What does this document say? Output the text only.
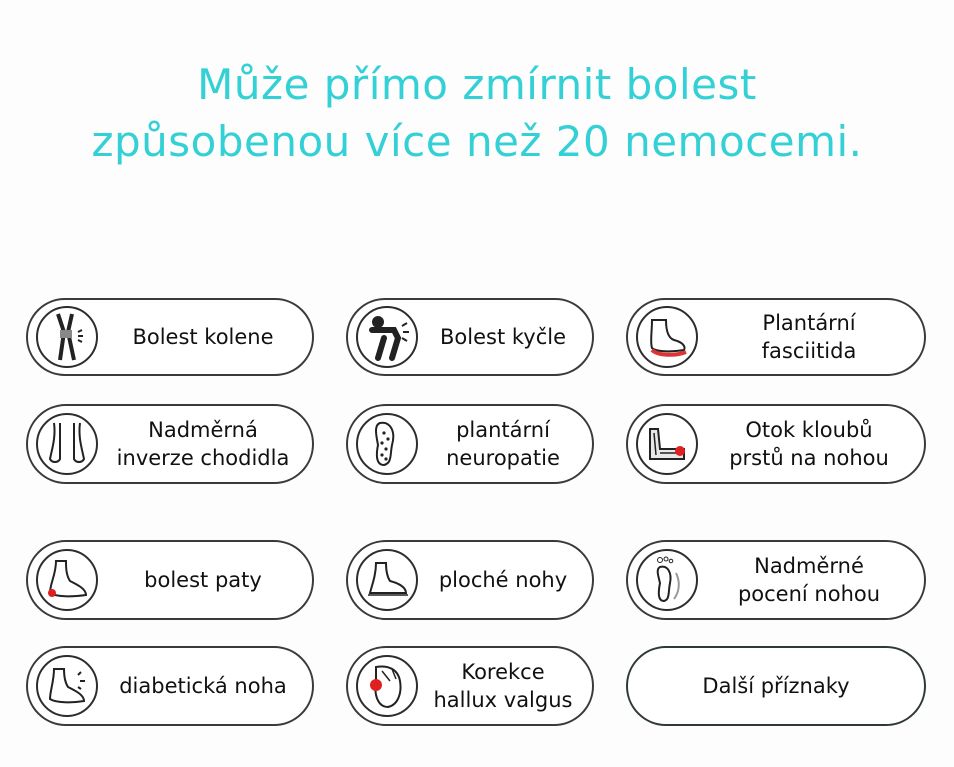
Může přímo zmírnit bolest
způsobenou více než 20 nemocemi.
Bolest kolene	Bolest kyčle
Plantární
fasciitida
Nadměrná
inverze chodidla
plantární
neuropatie
Otok kloubů
prstů na nohou
bolest paty	ploché nohy
Nadměrné
pocení nohou
diabetická noha
Korekce
hallux valgus
Další příznaky
